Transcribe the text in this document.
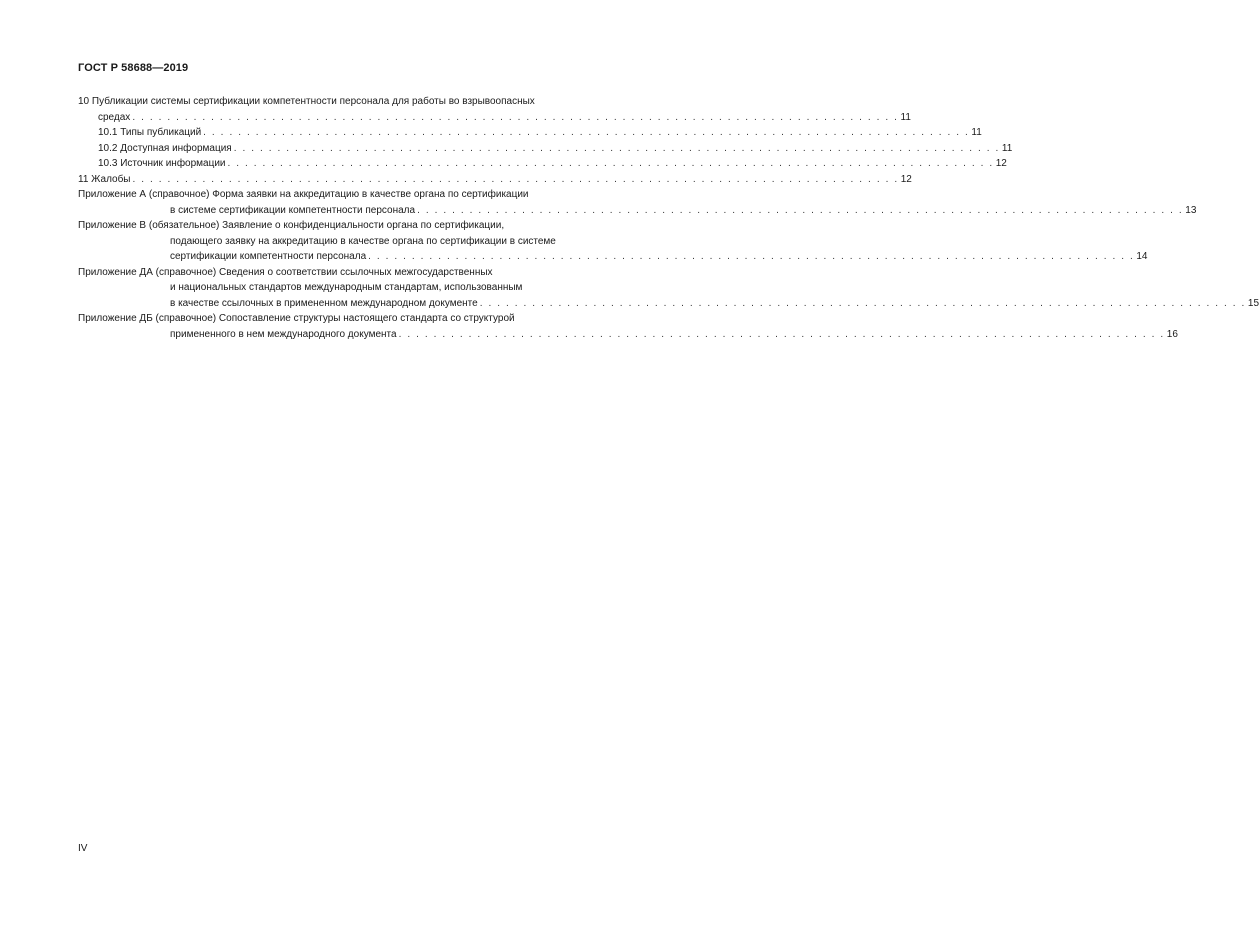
ГОСТ Р 58688—2019
10 Публикации системы сертификации компетентности персонала для работы во взрывоопасных
средах . . . . . . . . . . . . . . . . . . . . . . . . . . . . . . . . . . . . . . . . . . . . . . . . . . . . . . . . . . . . . . . . . . . . . . . . . . . . . . . . . . . . . . . . 11
10.1 Типы публикаций . . . . . . . . . . . . . . . . . . . . . . . . . . . . . . . . . . . . . . . . . . . . . . . . . . . . . . . . . . . . . . . . . . . . . . . . . . . . . . . . . . . . . . . . 11
10.2 Доступная информация . . . . . . . . . . . . . . . . . . . . . . . . . . . . . . . . . . . . . . . . . . . . . . . . . . . . . . . . . . . . . . . . . . . . . . . . . . . . . . . . . . . . . . . . 11
10.3 Источник информации . . . . . . . . . . . . . . . . . . . . . . . . . . . . . . . . . . . . . . . . . . . . . . . . . . . . . . . . . . . . . . . . . . . . . . . . . . . . . . . . . . . . . . . . 12
11 Жалобы . . . . . . . . . . . . . . . . . . . . . . . . . . . . . . . . . . . . . . . . . . . . . . . . . . . . . . . . . . . . . . . . . . . . . . . . . . . . . . . . . . . . . . . . 12
Приложение А (справочное) Форма заявки на аккредитацию в качестве органа по сертификации
в системе сертификации компетентности персонала . . . . . . . . . . . . . . . . . . . . . . . . . . . . . . . . . . . . . . . . . . . . . . . . . . . . . . . . . . . . . . . . . . . . . . . . . . . . . . . . . . . . . . . . 13
Приложение В (обязательное) Заявление о конфиденциальности органа по сертификации,
подающего заявку на аккредитацию в качестве органа по сертификации в системе
сертификации компетентности персонала . . . . . . . . . . . . . . . . . . . . . . . . . . . . . . . . . . . . . . . . . . . . . . . . . . . . . . . . . . . . . . . . . . . . . . . . . . . . . . . . . . . . . . . . 14
Приложение ДА (справочное) Сведения о соответствии ссылочных межгосударственных
и национальных стандартов международным стандартам, использованным
в качестве ссылочных в примененном международном документе . . . . . . . . . . . . . . . . . . . . . . . . . . . . . . . . . . . . . . . . . . . . . . . . . . . . . . . . . . . . . . . . . . . . . . . . . . . . . . . . . . . . . . . . 15
Приложение ДБ (справочное) Сопоставление структуры настоящего стандарта со структурой
примененного в нем международного документа . . . . . . . . . . . . . . . . . . . . . . . . . . . . . . . . . . . . . . . . . . . . . . . . . . . . . . . . . . . . . . . . . . . . . . . . . . . . . . . . . . . . . . . . 16
IV
